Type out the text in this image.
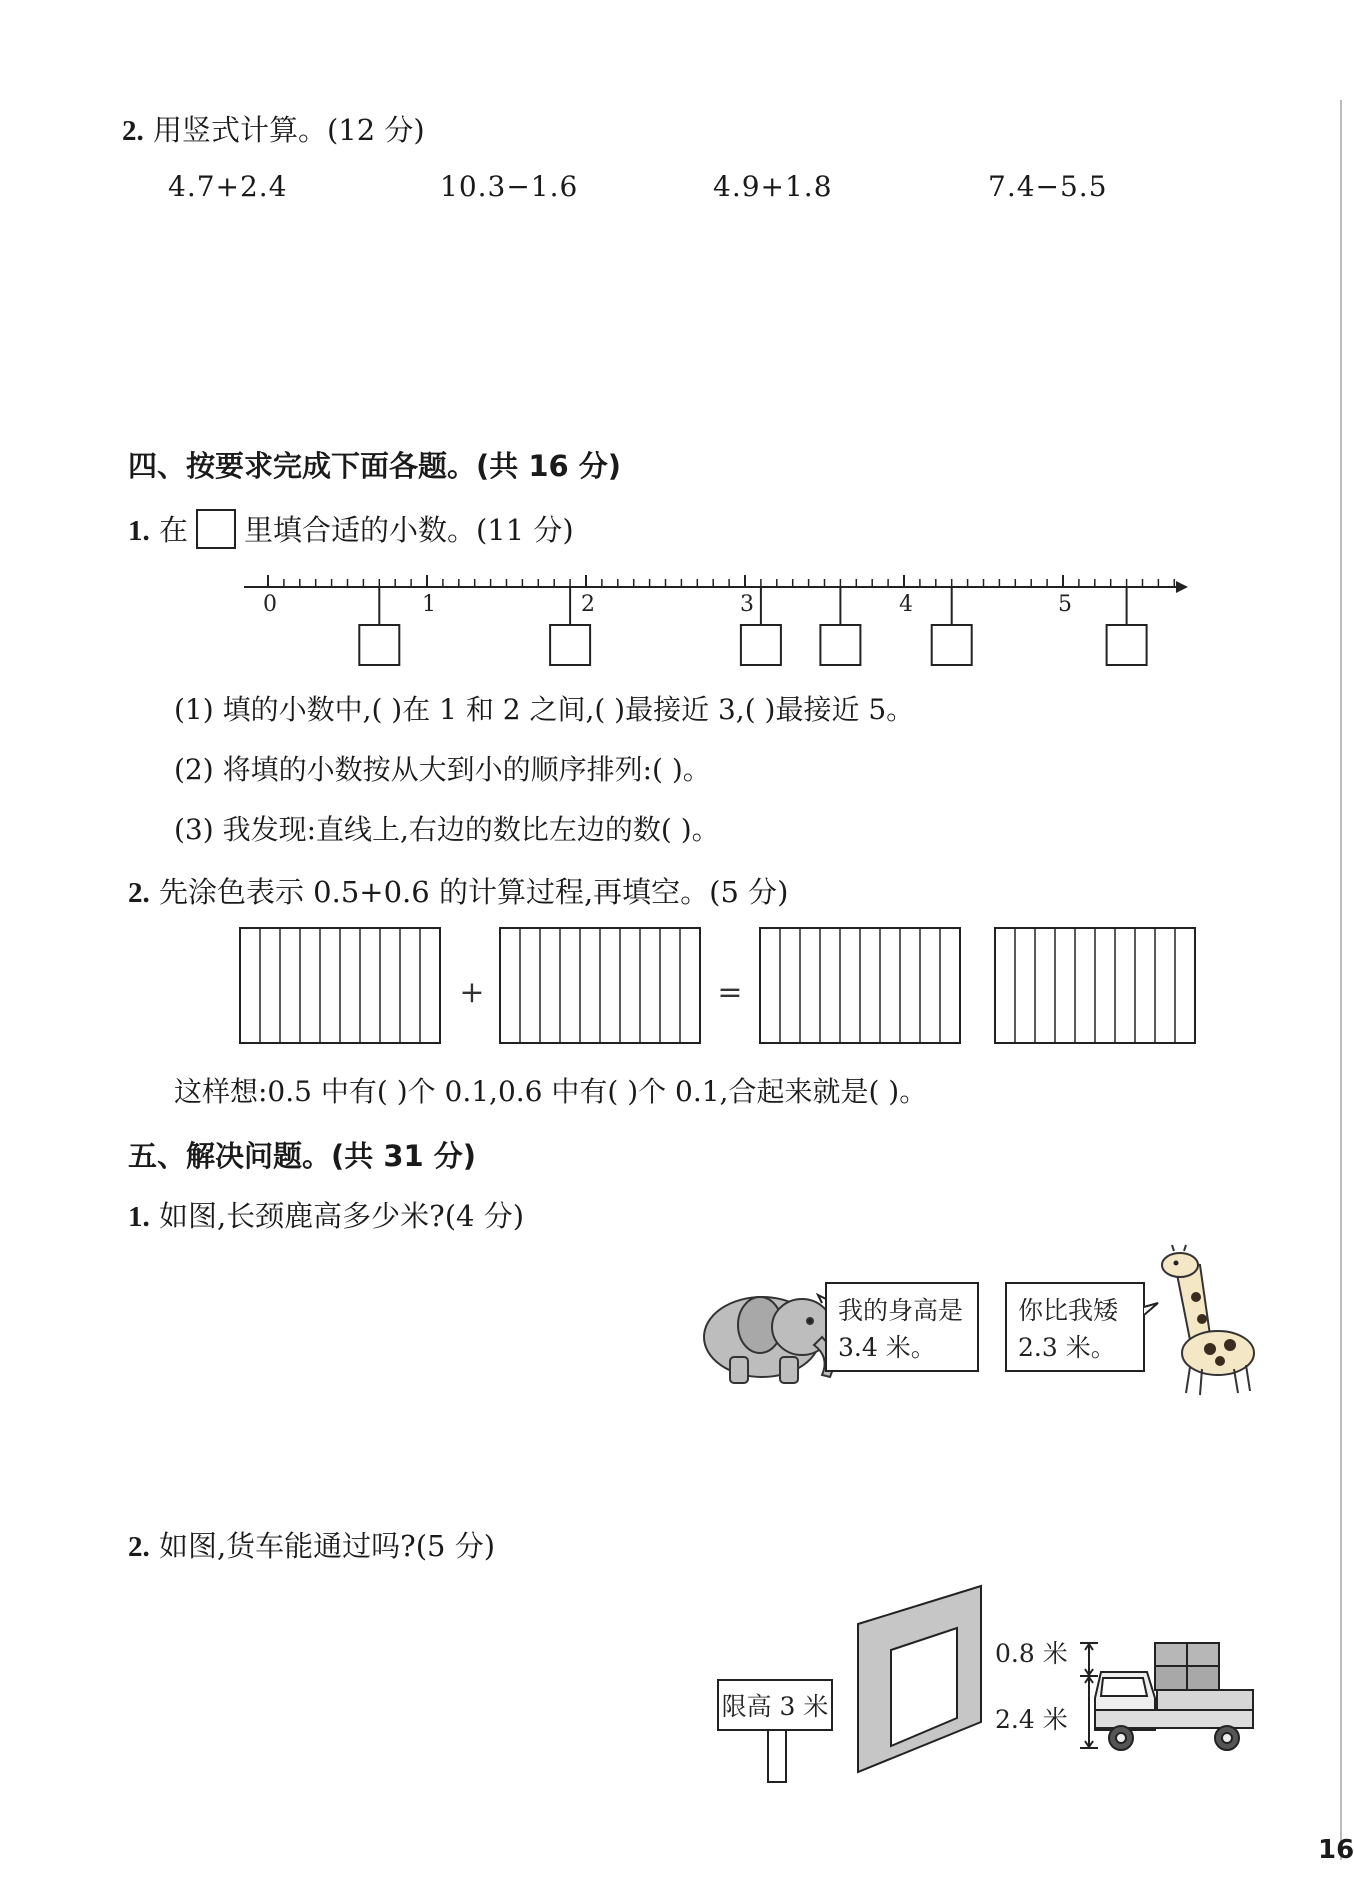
2. 用竖式计算。(12 分)
4.7+2.4	10.3−1.6	4.9+1.8	7.4−5.5
四、按要求完成下面各题。(共 16 分)
1. 在 里填合适的小数。(11 分)
0	1	2	3	4	5
(1) 填的小数中,( )在 1 和 2 之间,( )最接近 3,( )最接近 5。
(2) 将填的小数按从大到小的顺序排列:( )。
(3) 我发现:直线上,右边的数比左边的数( )。
2. 先涂色表示 0.5+0.6 的计算过程,再填空。(5 分)
+	=
这样想:0.5 中有( )个 0.1,0.6 中有( )个 0.1,合起来就是( )。
五、解决问题。(共 31 分)
1. 如图,长颈鹿高多少米?(4 分)
我的身高是
3.4 米。
你比我矮
2.3 米。
2. 如图,货车能通过吗?(5 分)
限高 3 米
0.8 米
2.4 米
16
